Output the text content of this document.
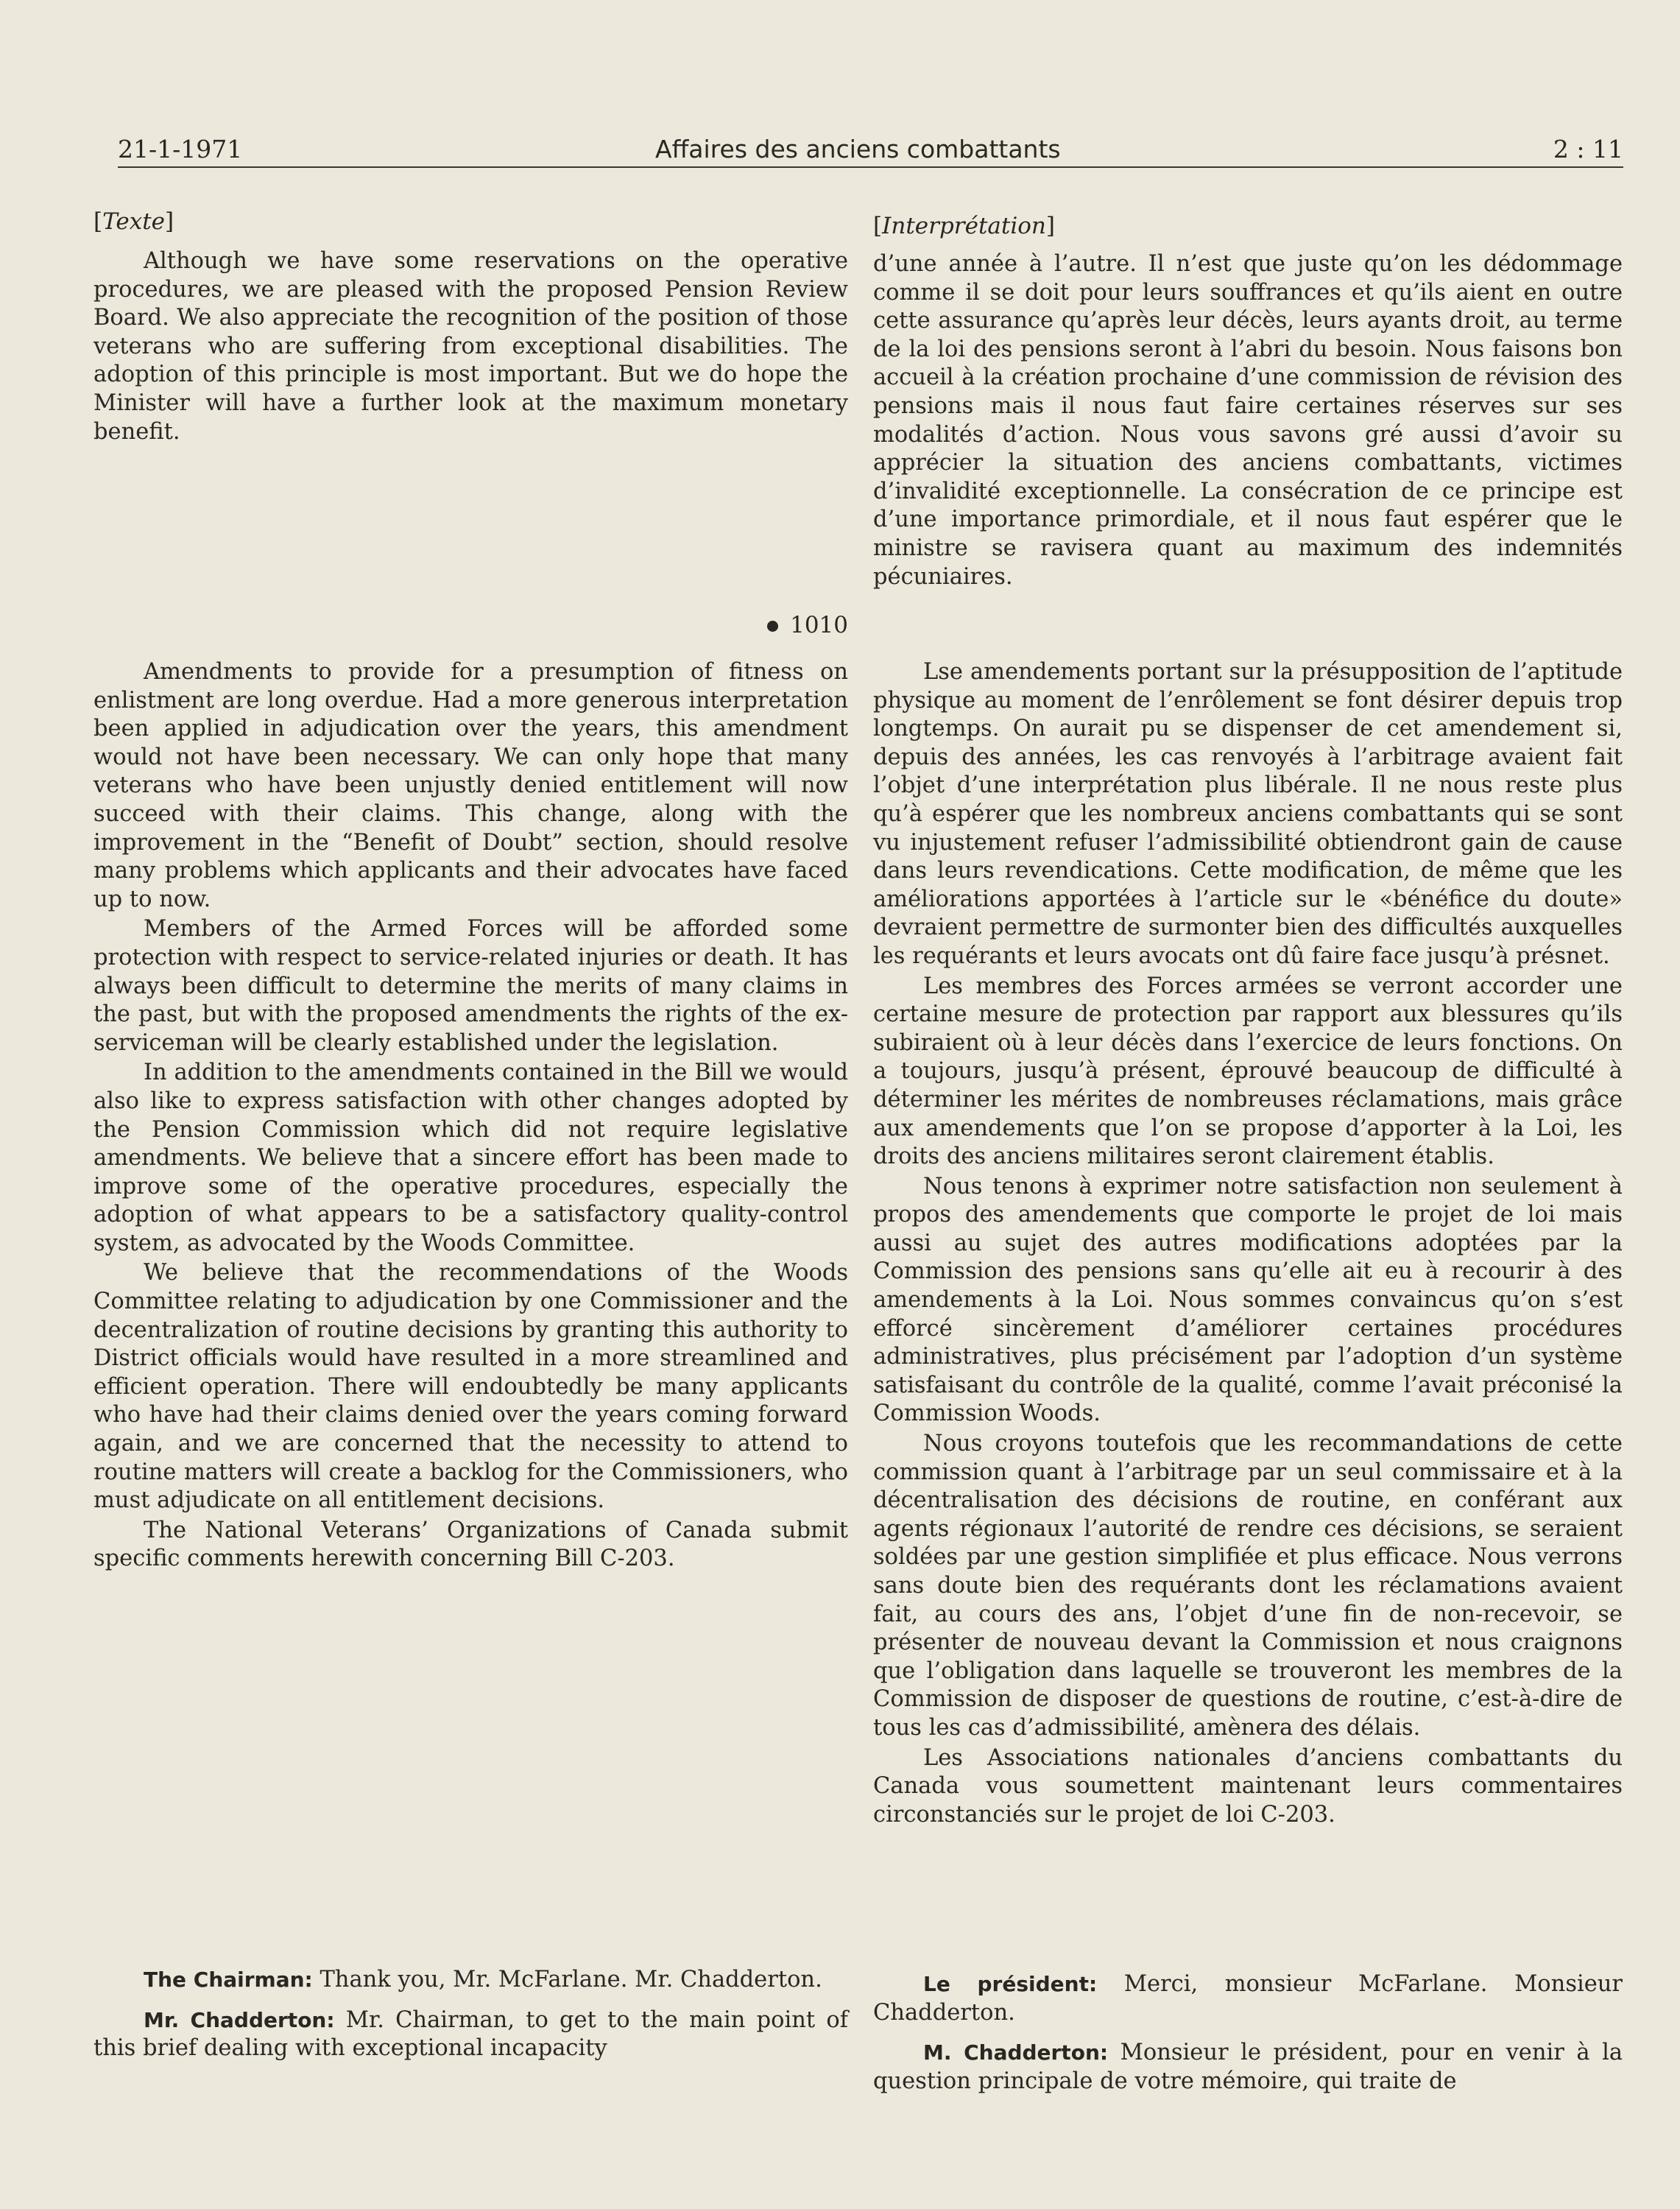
21-1-1971	Affaires des anciens combattants	2 : 11
[Texte]

Although we have some reservations on the operative procedures, we are pleased with the proposed Pension Review Board. We also appreciate the recognition of the position of those veterans who are suffering from exceptional disabilities. The adoption of this principle is most important. But we do hope the Minister will have a further look at the maximum monetary benefit.

1010

Amendments to provide for a presumption of fitness on enlistment are long overdue. Had a more generous interpretation been applied in adjudication over the years, this amendment would not have been necessary. We can only hope that many veterans who have been unjustly denied entitlement will now succeed with their claims. This change, along with the improvement in the “Benefit of Doubt” section, should resolve many problems which applicants and their advocates have faced up to now.

Members of the Armed Forces will be afforded some protection with respect to service-related injuries or death. It has always been difficult to determine the merits of many claims in the past, but with the proposed amendments the rights of the ex-serviceman will be clearly established under the legislation.

In addition to the amendments contained in the Bill we would also like to express satisfaction with other changes adopted by the Pension Commission which did not require legislative amendments. We believe that a sincere effort has been made to improve some of the operative procedures, especially the adoption of what appears to be a satisfactory quality-control system, as advocated by the Woods Committee.

We believe that the recommendations of the Woods Committee relating to adjudication by one Commissioner and the decentralization of routine decisions by granting this authority to District officials would have resulted in a more streamlined and efficient operation. There will endoubtedly be many applicants who have had their claims denied over the years coming forward again, and we are concerned that the necessity to attend to routine matters will create a backlog for the Commissioners, who must adjudicate on all entitlement decisions.

The National Veterans’ Organizations of Canada submit specific comments herewith concerning Bill C-203.

The Chairman: Thank you, Mr. McFarlane. Mr. Chadderton.

Mr. Chadderton: Mr. Chairman, to get to the main point of this brief dealing with exceptional incapacity

[Interprétation]

d’une année à l’autre. Il n’est que juste qu’on les dédommage comme il se doit pour leurs souffrances et qu’ils aient en outre cette assurance qu’après leur décès, leurs ayants droit, au terme de la loi des pensions seront à l’abri du besoin. Nous faisons bon accueil à la création prochaine d’une commission de révision des pensions mais il nous faut faire certaines réserves sur ses modalités d’action. Nous vous savons gré aussi d’avoir su apprécier la situation des anciens combattants, victimes d’invalidité exceptionnelle. La consécration de ce principe est d’une importance primordiale, et il nous faut espérer que le ministre se ravisera quant au maximum des indemnités pécuniaires.

Lse amendements portant sur la présupposition de l’aptitude physique au moment de l’enrôlement se font désirer depuis trop longtemps. On aurait pu se dispenser de cet amendement si, depuis des années, les cas renvoyés à l’arbitrage avaient fait l’objet d’une interprétation plus libérale. Il ne nous reste plus qu’à espérer que les nombreux anciens combattants qui se sont vu injustement refuser l’admissibilité obtiendront gain de cause dans leurs revendications. Cette modification, de même que les améliorations apportées à l’article sur le «bénéfice du doute» devraient permettre de surmonter bien des difficultés auxquelles les requérants et leurs avocats ont dû faire face jusqu’à présnet.

Les membres des Forces armées se verront accorder une certaine mesure de protection par rapport aux blessures qu’ils subiraient où à leur décès dans l’exercice de leurs fonctions. On a toujours, jusqu’à présent, éprouvé beaucoup de difficulté à déterminer les mérites de nombreuses réclamations, mais grâce aux amendements que l’on se propose d’apporter à la Loi, les droits des anciens militaires seront clairement établis.

Nous tenons à exprimer notre satisfaction non seulement à propos des amendements que comporte le projet de loi mais aussi au sujet des autres modifications adoptées par la Commission des pensions sans qu’elle ait eu à recourir à des amendements à la Loi. Nous sommes convaincus qu’on s’est efforcé sincèrement d’améliorer certaines procédures administratives, plus précisément par l’adoption d’un système satisfaisant du contrôle de la qualité, comme l’avait préconisé la Commission Woods.

Nous croyons toutefois que les recommandations de cette commission quant à l’arbitrage par un seul commissaire et à la décentralisation des décisions de routine, en conférant aux agents régionaux l’autorité de rendre ces décisions, se seraient soldées par une gestion simplifiée et plus efficace. Nous verrons sans doute bien des requérants dont les réclamations avaient fait, au cours des ans, l’objet d’une fin de non-recevoir, se présenter de nouveau devant la Commission et nous craignons que l’obligation dans laquelle se trouveront les membres de la Commission de disposer de questions de routine, c’est-à-dire de tous les cas d’admissibilité, amènera des délais.

Les Associations nationales d’anciens combattants du Canada vous soumettent maintenant leurs commentaires circonstanciés sur le projet de loi C-203.

Le président: Merci, monsieur McFarlane. Monsieur Chadderton.

M. Chadderton: Monsieur le président, pour en venir à la question principale de votre mémoire, qui traite de
